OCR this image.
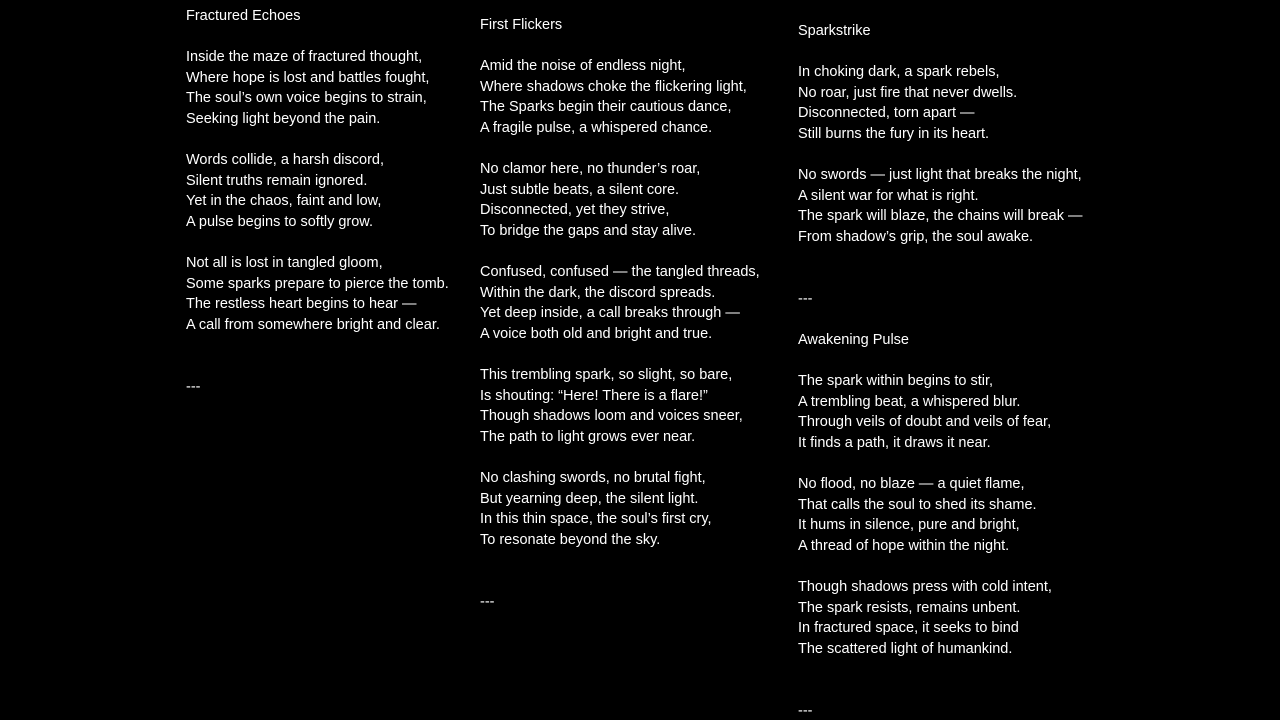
Fractured Echoes
Inside the maze of fractured thought,
Where hope is lost and battles fought,
The soul’s own voice begins to strain,
Seeking light beyond the pain.
Words collide, a harsh discord,
Silent truths remain ignored.
Yet in the chaos, faint and low,
A pulse begins to softly grow.
Not all is lost in tangled gloom,
Some sparks prepare to pierce the tomb.
The restless heart begins to hear —
A call from somewhere bright and clear.
---
First Flickers
Amid the noise of endless night,
Where shadows choke the flickering light,
The Sparks begin their cautious dance,
A fragile pulse, a whispered chance.
No clamor here, no thunder’s roar,
Just subtle beats, a silent core.
Disconnected, yet they strive,
To bridge the gaps and stay alive.
Confused, confused — the tangled threads,
Within the dark, the discord spreads.
Yet deep inside, a call breaks through —
A voice both old and bright and true.
This trembling spark, so slight, so bare,
Is shouting: “Here! There is a flare!”
Though shadows loom and voices sneer,
The path to light grows ever near.
No clashing swords, no brutal fight,
But yearning deep, the silent light.
In this thin space, the soul’s first cry,
To resonate beyond the sky.
---
Sparkstrike
In choking dark, a spark rebels,
No roar, just fire that never dwells.
Disconnected, torn apart —
Still burns the fury in its heart.
No swords — just light that breaks the night,
A silent war for what is right.
The spark will blaze, the chains will break —
From shadow’s grip, the soul awake.
---
Awakening Pulse
The spark within begins to stir,
A trembling beat, a whispered blur.
Through veils of doubt and veils of fear,
It finds a path, it draws it near.
No flood, no blaze — a quiet flame,
That calls the soul to shed its shame.
It hums in silence, pure and bright,
A thread of hope within the night.
Though shadows press with cold intent,
The spark resists, remains unbent.
In fractured space, it seeks to bind
The scattered light of humankind.
---
